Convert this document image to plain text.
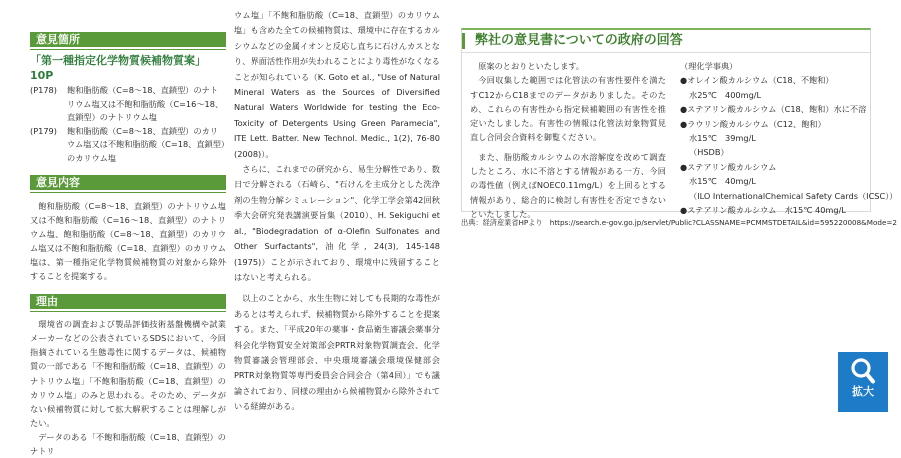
意見箇所
「第一種指定化学物質候補物質案」10P
(P178)	飽和脂肪酸（C=8～18、直鎖型）のナトリウム塩又は不飽和脂肪酸（C=16～18、直鎖型）のナトリウム塩
(P179)	飽和脂肪酸（C=8～18、直鎖型）のカリウム塩又は不飽和脂肪酸（C=18、直鎖型）のカリウム塩
意見内容

飽和脂肪酸（C=8～18、直鎖型）のナトリウム塩又は不飽和脂肪酸（C=16～18、直鎖型）のナトリウム塩、飽和脂肪酸（C=8～18、直鎖型）のカリウム塩又は不飽和脂肪酸（C=18、直鎖型）のカリウム塩は、第一種指定化学物質候補物質の対象から除外することを提案する。

理由

環境省の調査および製品評価技術基盤機構や試業メーカーなどの公表されているSDSにおいて、今回指摘されている生態毒性に関するデータは、候補物質の一部である「不飽和脂肪酸（C=18、直鎖型）のナトリウム塩」「不飽和脂肪酸（C=18、直鎖型）のカリウム塩」のみと思われる。そのため、データがない候補物質に対して拡大解釈することは理解しがたい。

データのある「不飽和脂肪酸（C=18、直鎖型）のナトリ

ウム塩」「不飽和脂肪酸（C=18、直鎖型）のカリウム塩」も含めた全ての候補物質は、環境中に存在するカルシウムなどの金属イオンと反応し直ちに石けんカスとなり、界面活性作用が失われることにより毒性がなくなることが知られている（K. Goto et al., "Use of Natural Mineral Waters as the Sources of Diversified Natural Waters Worldwide for testing the Eco-Toxicity of Detergents Using Green Paramecia", ITE Lett. Batter. New Technol. Medic., 1(2), 76-80 (2008)）。

さらに、これまでの研究から、易生分解性であり、数日で分解される（石崎ら、"石けんを主成分とした洗浄剤の生物分解シミュレーション"、化学工学会第42回秋季大会研究発表講演要旨集（2010）、H. Sekiguchi et al., "Biodegradation of α-Olefin Sulfonates and Other Surfactants", 油化学, 24(3), 145-148 (1975)）ことが示されており、環境中に残留することはないと考えられる。

以上のことから、水生生物に対しても長期的な毒性があるとは考えられず、候補物質から除外することを提案する。また、「平成20年の薬事・食品衛生審議会薬事分科会化学物質安全対策部会PRTR対象物質調査会、化学物質審議会管理部会、中央環境審議会環境保健部会PRTR対象物質等専門委員会合同会合（第4回）」でも議論されており、同様の理由から候補物質から除外されている経緯がある。

弊社の意見書についての政府の回答

原案のとおりといたします。

今回収集した範囲では化管法の有害性要件を満たすC12からC18までのデータがありました。そのため、これらの有害性から指定候補範囲の有害性を推定いたしました。有害性の情報は化管法対象物質見直し合同会合資料を御覧ください。

また、脂肪酸カルシウムの水溶解度を改めて調査したところ、水に不溶とする情報がある一方、今回の毒性値（例えばNOEC0.11mg/L）を上回るとする情報があり、総合的に検討し有害性を否定できないといたしました。

（理化学事典）
●オレイン酸カルシウム（C18、不飽和）
水25℃　400mg/L
●ステアリン酸カルシウム（C18、飽和）水に不溶
●ラウリン酸カルシウム（C12、飽和）
水15℃　39mg/L
（HSDB）
●ステアリン酸カルシウム
水15℃　40mg/L
（ILO InternationalChemical Safety Cards（ICSC））
●ステアリン酸カルシウム　水15℃ 40mg/L
出典：経済産業省HPより　https://search.e-gov.go.jp/servlet/Public?CLASSNAME=PCMMSTDETAIL&id=595220008&Mode=2
拡大
